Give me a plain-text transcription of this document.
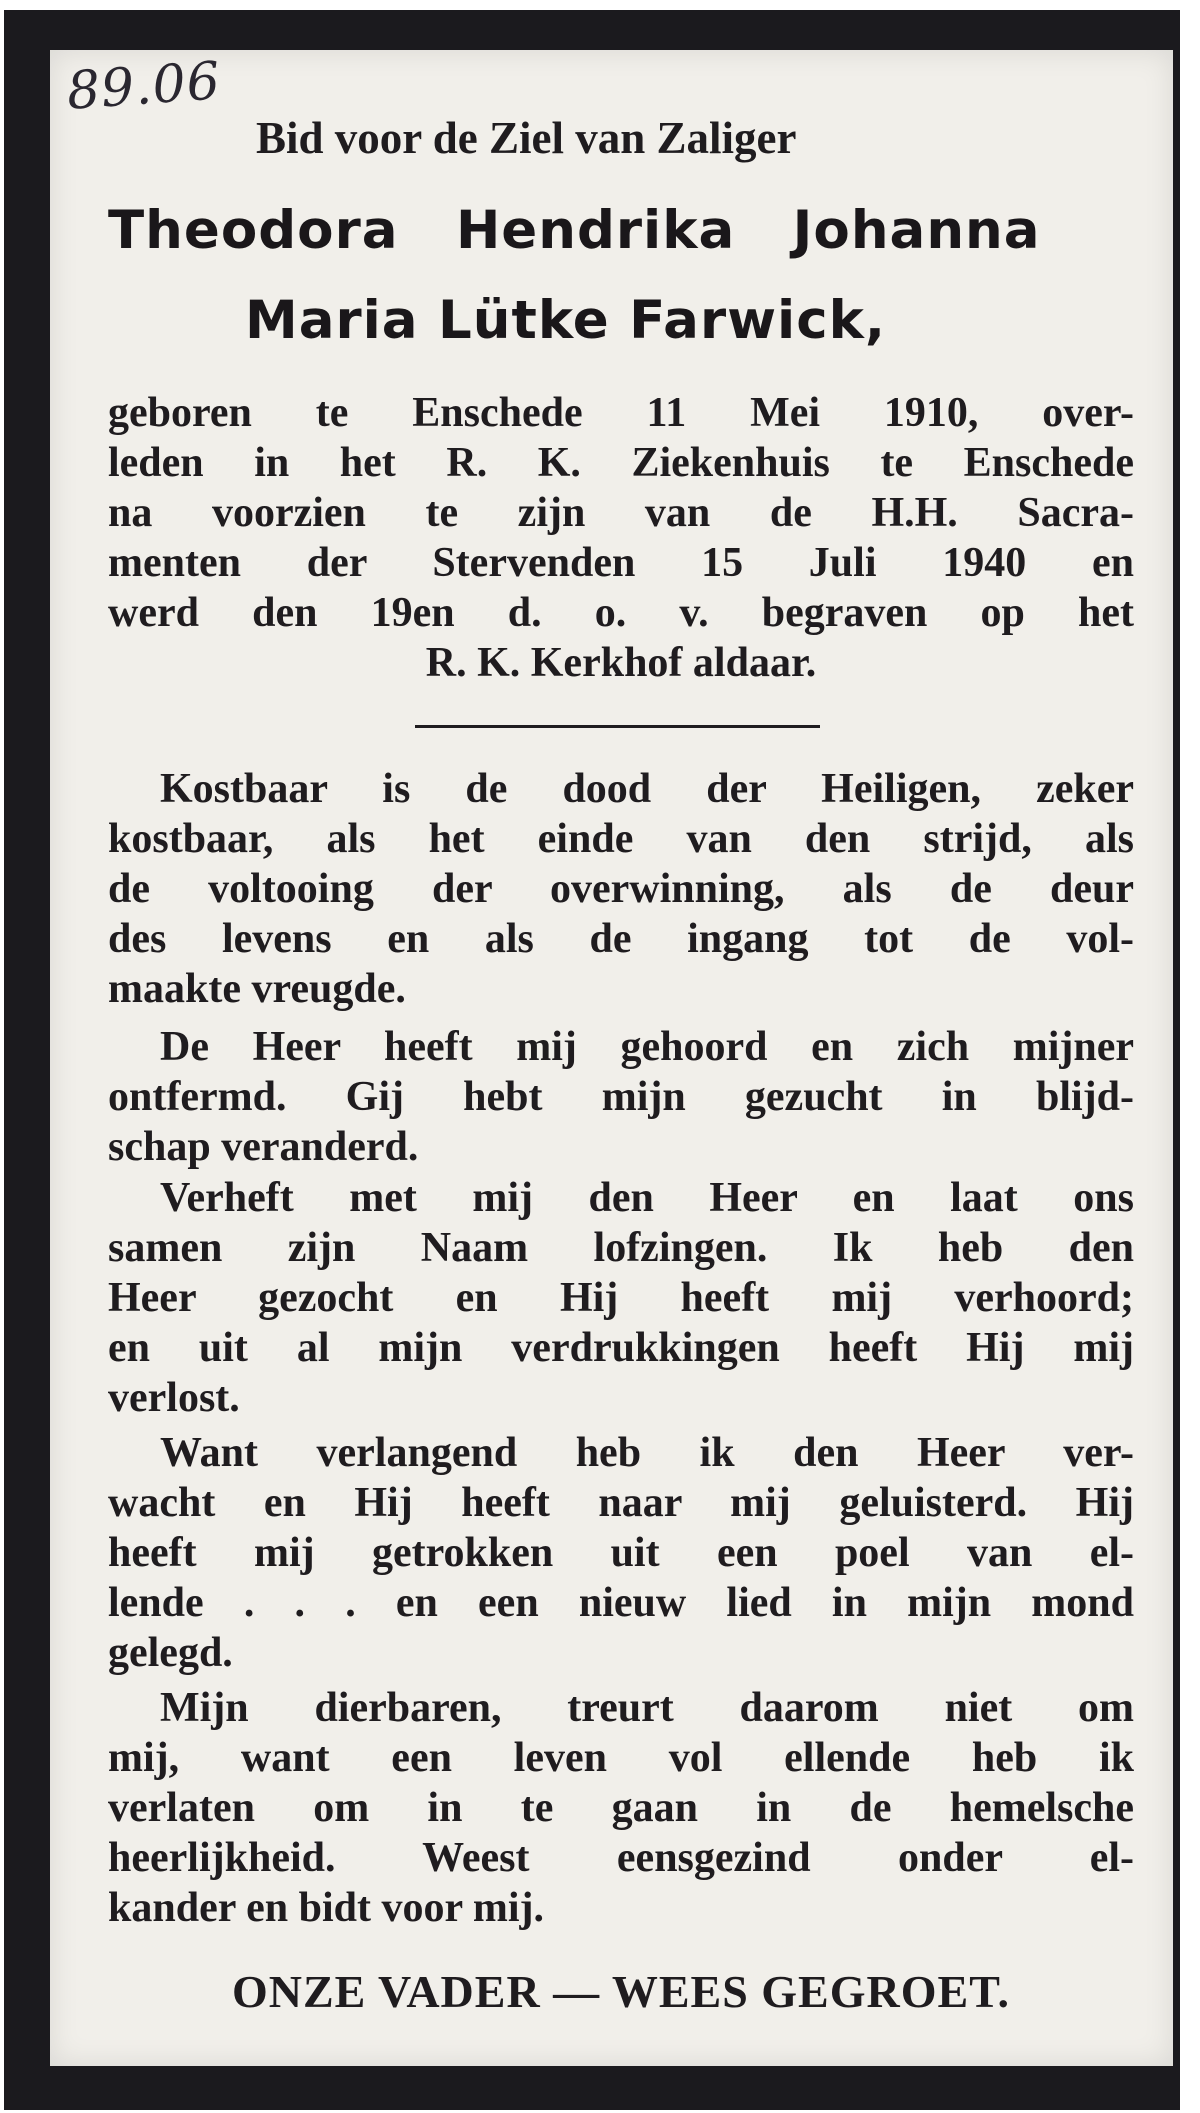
89.06
Bid voor de Ziel van Zaliger
Theodora Hendrika Johanna
Maria Lütke Farwick,
geboren te Enschede 11 Mei 1910, over-
leden in het R. K. Ziekenhuis te Enschede
na voorzien te zijn van de H.H. Sacra-
menten der Stervenden 15 Juli 1940 en
werd den 19en d. o. v. begraven op het
R. K. Kerkhof aldaar.
Kostbaar is de dood der Heiligen, zeker
kostbaar, als het einde van den strijd, als
de voltooing der overwinning, als de deur
des levens en als de ingang tot de vol-
maakte vreugde.
De Heer heeft mij gehoord en zich mijner
ontfermd. Gij hebt mijn gezucht in blijd-
schap veranderd.
Verheft met mij den Heer en laat ons
samen zijn Naam lofzingen. Ik heb den
Heer gezocht en Hij heeft mij verhoord;
en uit al mijn verdrukkingen heeft Hij mij
verlost.
Want verlangend heb ik den Heer ver-
wacht en Hij heeft naar mij geluisterd. Hij
heeft mij getrokken uit een poel van el-
lende . . . en een nieuw lied in mijn mond
gelegd.
Mijn dierbaren, treurt daarom niet om
mij, want een leven vol ellende heb ik
verlaten om in te gaan in de hemelsche
heerlijkheid. Weest eensgezind onder el-
kander en bidt voor mij.
ONZE VADER — WEES GEGROET.
